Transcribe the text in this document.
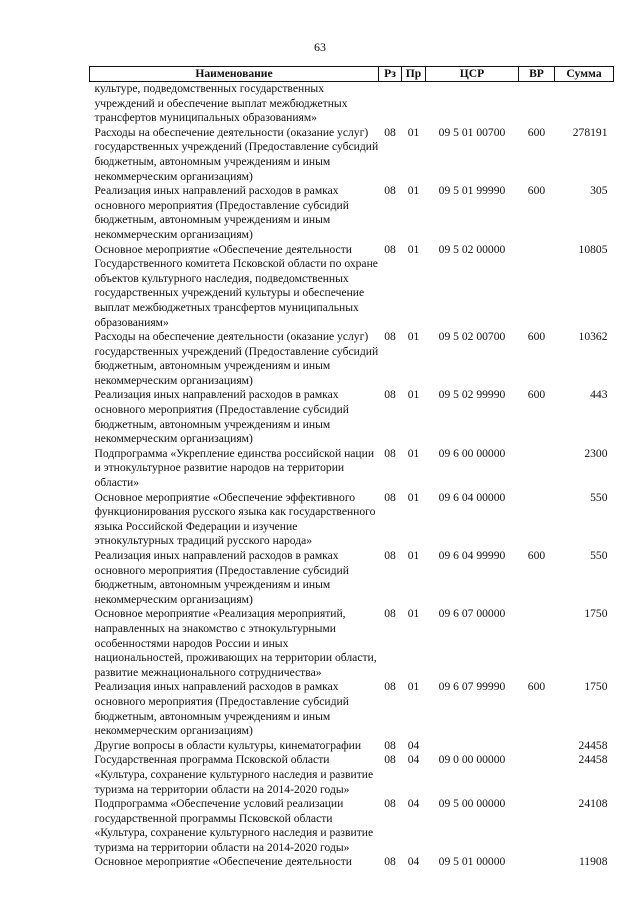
63
Наименование	Рз	Пр	ЦСР	ВР	Сумма
культуре, подведомственных государственных учреждений и обеспечение выплат межбюджетных трансфертов муниципальных образованиям»					
Расходы на обеспечение деятельности (оказание услуг) государственных учреждений (Предоставление субсидий бюджетным, автономным учреждениям и иным некоммерческим организациям)	08	01	09 5 01 00700	600	278191
Реализация иных направлений расходов в рамках основного мероприятия (Предоставление субсидий бюджетным, автономным учреждениям и иным некоммерческим организациям)	08	01	09 5 01 99990	600	305
Основное мероприятие «Обеспечение деятельности Государственного комитета Псковской области по охране объектов культурного наследия, подведомственных государственных учреждений культуры и обеспечение выплат межбюджетных трансфертов муниципальных образованиям»	08	01	09 5 02 00000		10805
Расходы на обеспечение деятельности (оказание услуг) государственных учреждений (Предоставление субсидий бюджетным, автономным учреждениям и иным некоммерческим организациям)	08	01	09 5 02 00700	600	10362
Реализация иных направлений расходов в рамках основного мероприятия (Предоставление субсидий бюджетным, автономным учреждениям и иным некоммерческим организациям)	08	01	09 5 02 99990	600	443
Подпрограмма «Укрепление единства российской нации и этнокультурное развитие народов на территории области»	08	01	09 6 00 00000		2300
Основное мероприятие «Обеспечение эффективного функционирования русского языка как государственного языка Российской Федерации и изучение этнокультурных традиций русского народа»	08	01	09 6 04 00000		550
Реализация иных направлений расходов в рамках основного мероприятия (Предоставление субсидий бюджетным, автономным учреждениям и иным некоммерческим организациям)	08	01	09 6 04 99990	600	550
Основное мероприятие «Реализация мероприятий, направленных на знакомство с этнокультурными особенностями народов России и иных национальностей, проживающих на территории области, развитие межнационального сотрудничества»	08	01	09 6 07 00000		1750
Реализация иных направлений расходов в рамках основного мероприятия (Предоставление субсидий бюджетным, автономным учреждениям и иным некоммерческим организациям)	08	01	09 6 07 99990	600	1750
Другие вопросы в области культуры, кинематографии	08	04			24458
Государственная программа Псковской области «Культура, сохранение культурного наследия и развитие туризма на территории области на 2014-2020 годы»	08	04	09 0 00 00000		24458
Подпрограмма «Обеспечение условий реализации государственной программы Псковской области «Культура, сохранение культурного наследия и развитие туризма на территории области на 2014-2020 годы»	08	04	09 5 00 00000		24108
Основное мероприятие «Обеспечение деятельности	08	04	09 5 01 00000		11908
